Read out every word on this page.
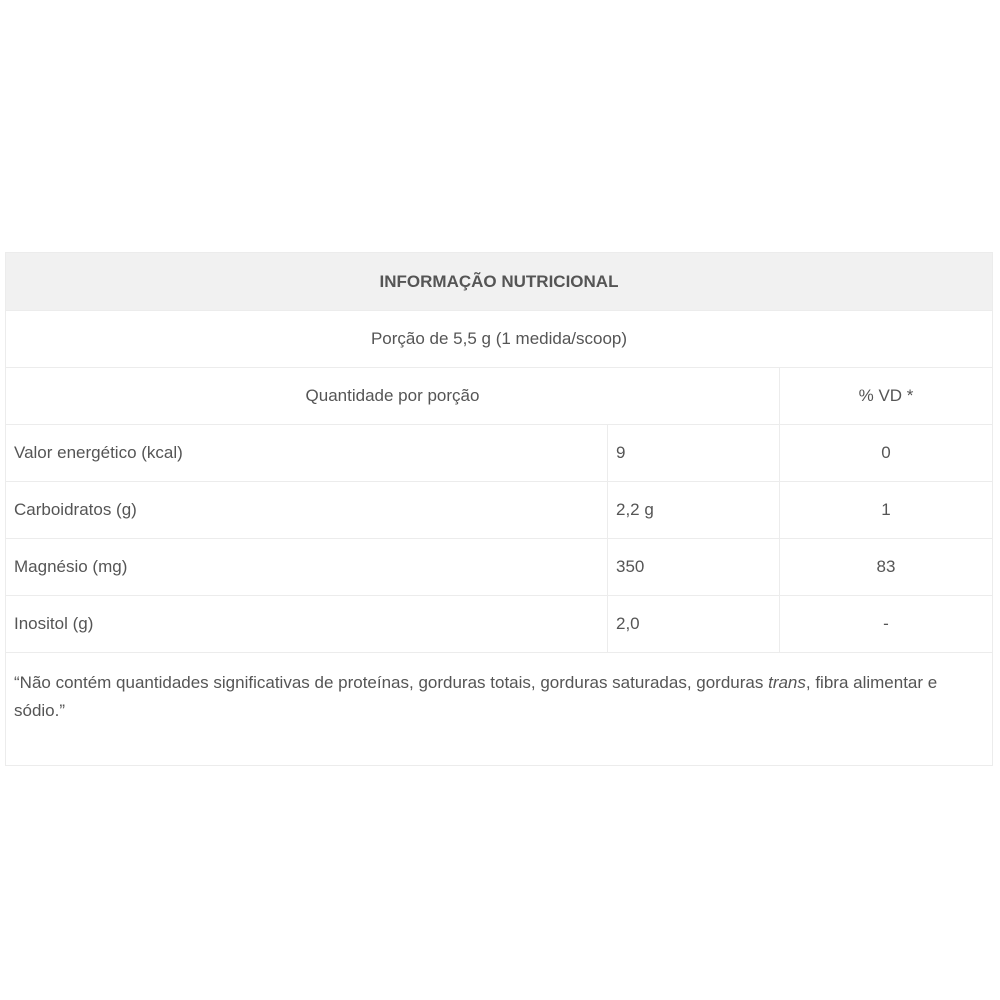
INFORMAÇÃO NUTRICIONAL		
Porção de 5,5 g (1 medida/scoop)		
Quantidade por porção		% VD *
Valor energético (kcal)	9	0
Carboidratos (g)	2,2 g	1
Magnésio (mg)	350	83
Inositol (g)	2,0	-
“Não contém quantidades significativas de proteínas, gorduras totais, gorduras saturadas, gorduras trans, fibra alimentar e sódio.”		
